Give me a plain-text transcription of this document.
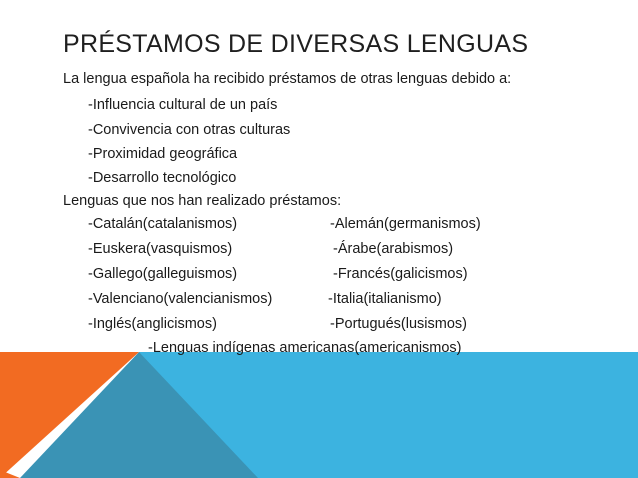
PRÉSTAMOS DE DIVERSAS LENGUAS
La lengua española ha recibido préstamos de otras lenguas debido a:
-Influencia cultural de un país
-Convivencia con otras culturas
-Proximidad geográfica
-Desarrollo tecnológico
Lenguas que nos han realizado préstamos:
-Catalán(catalanismos)
-Euskera(vasquismos)
-Gallego(galleguismos)
-Valenciano(valencianismos)
-Inglés(anglicismos)
-Alemán(germanismos)
-Árabe(arabismos)
-Francés(galicismos)
-Italia(italianismo)
-Portugués(lusismos)
-Lenguas indígenas americanas(americanismos)
